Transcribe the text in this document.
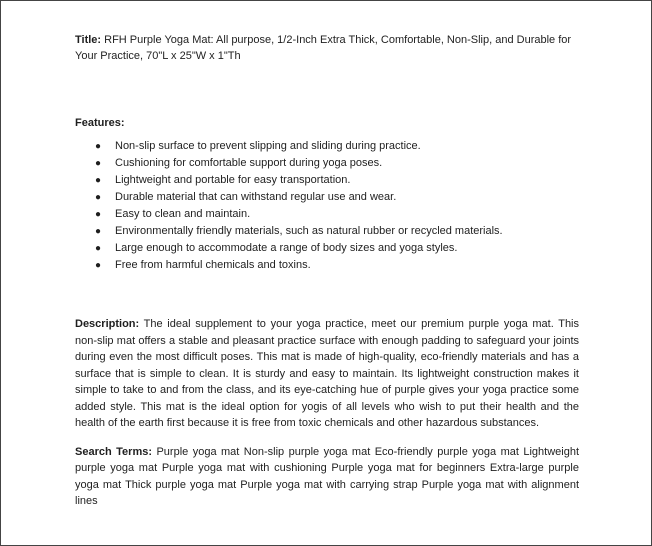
Title: RFH Purple Yoga Mat: All purpose, 1/2-Inch Extra Thick, Comfortable, Non-Slip, and Durable for Your Practice, 70"L x 25"W x 1"Th

Features:
● Non-slip surface to prevent slipping and sliding during practice.
● Cushioning for comfortable support during yoga poses.
● Lightweight and portable for easy transportation.
● Durable material that can withstand regular use and wear.
● Easy to clean and maintain.
● Environmentally friendly materials, such as natural rubber or recycled materials.
● Large enough to accommodate a range of body sizes and yoga styles.
● Free from harmful chemicals and toxins.

Description: The ideal supplement to your yoga practice, meet our premium purple yoga mat. This non-slip mat offers a stable and pleasant practice surface with enough padding to safeguard your joints during even the most difficult poses. This mat is made of high-quality, eco-friendly materials and has a surface that is simple to clean. It is sturdy and easy to maintain. Its lightweight construction makes it simple to take to and from the class, and its eye-catching hue of purple gives your yoga practice some added style. This mat is the ideal option for yogis of all levels who wish to put their health and the health of the earth first because it is free from toxic chemicals and other hazardous substances.

Search Terms: Purple yoga mat Non-slip purple yoga mat Eco-friendly purple yoga mat Lightweight purple yoga mat Purple yoga mat with cushioning Purple yoga mat for beginners Extra-large purple yoga mat Thick purple yoga mat Purple yoga mat with carrying strap Purple yoga mat with alignment lines
